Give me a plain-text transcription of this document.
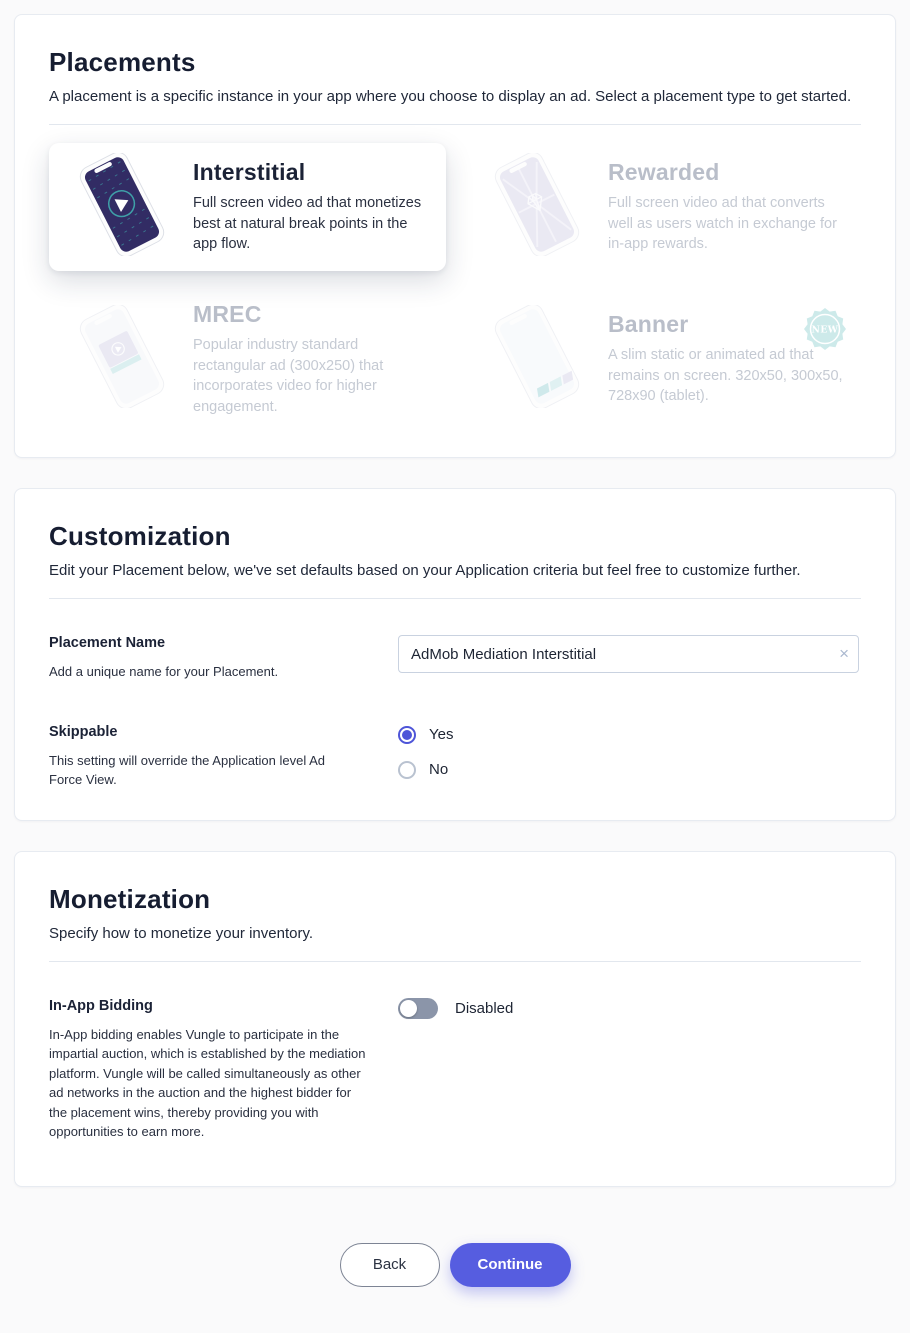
Placements

A placement is a specific instance in your app where you choose to display an ad. Select a placement type to get started.

Interstitial
Full screen video ad that monetizes best at natural break points in the app flow.
Rewarded
Full screen video ad that converts well as users watch in exchange for in-app rewards.
MREC
Popular industry standard rectangular ad (300x250) that incorporates video for higher engagement.
Banner
A slim static or animated ad that remains on screen. 320x50, 300x50, 728x90 (tablet).
NEW
Customization

Edit your Placement below, we've set defaults based on your Application criteria but feel free to customize further.

Placement Name
Add a unique name for your Placement.
AdMob Mediation Interstitial
×
Skippable
This setting will override the Application level Ad Force View.
Yes
No
Monetization

Specify how to monetize your inventory.

In-App Bidding
In-App bidding enables Vungle to participate in the impartial auction, which is established by the mediation platform. Vungle will be called simultaneously as other ad networks in the auction and the highest bidder for the placement wins, thereby providing you with opportunities to earn more.
Disabled
Back	Continue
